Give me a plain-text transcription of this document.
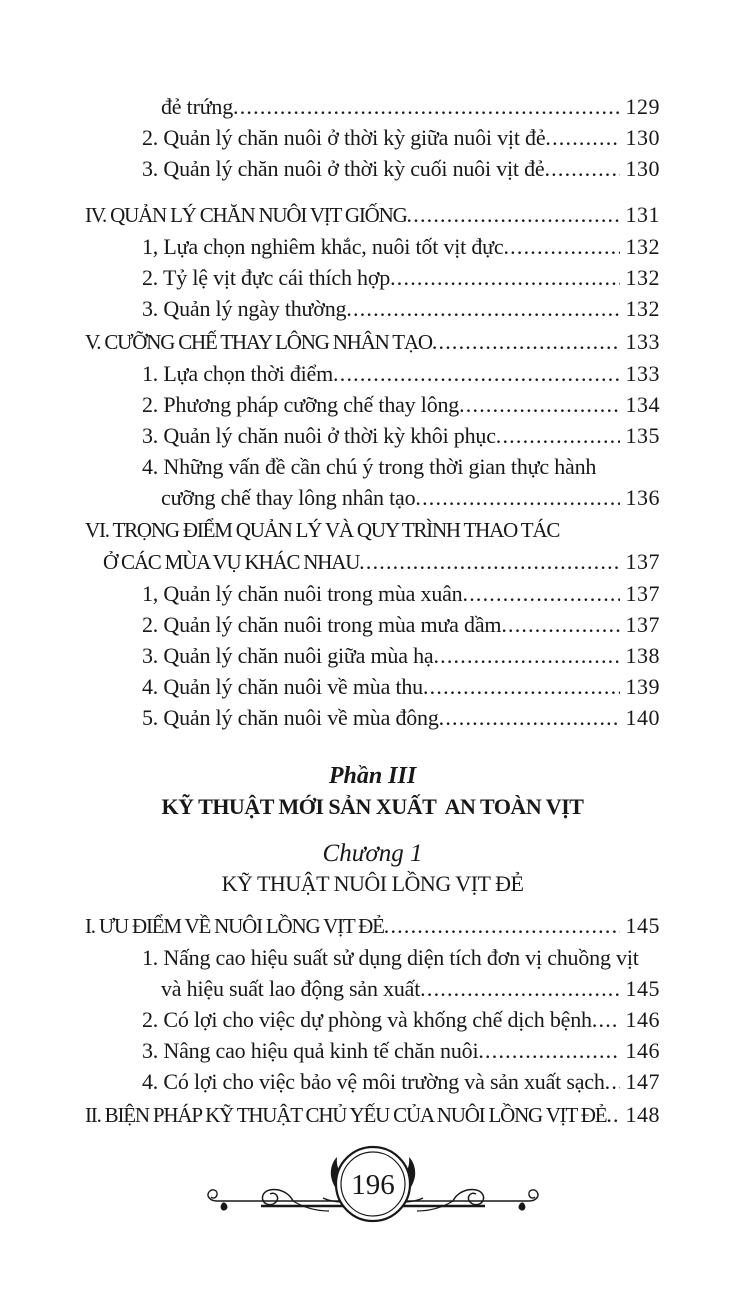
đẻ trứng .....	129
2. Quản lý chăn nuôi ở thời kỳ giữa nuôi vịt đẻ .....	130
3. Quản lý chăn nuôi ở thời kỳ cuối nuôi vịt đẻ .....	130
IV. QUẢN LÝ CHĂN NUÔI VỊT GIỐNG .....	131
1, Lựa chọn nghiêm khắc, nuôi tốt vịt đực .....	132
2. Tỷ lệ vịt đực cái thích hợp .....	132
3. Quản lý ngày thường .....	132
V. CƯỠNG CHẾ THAY LÔNG NHÂN TẠO .....	133
1. Lựa chọn thời điểm .....	133
2. Phương pháp cưỡng chế thay lông .....	134
3. Quản lý chăn nuôi ở thời kỳ khôi phục .....	135
4. Những vấn đề cần chú ý trong thời gian thực hành
cưỡng chế thay lông nhân tạo .....	136
VI. TRỌNG ĐIỂM QUẢN LÝ VÀ QUY TRÌNH THAO TÁC
Ở CÁC MÙA VỤ KHÁC NHAU .....	137
1, Quản lý chăn nuôi trong mùa xuân .....	137
2. Quản lý chăn nuôi trong mùa mưa dầm .....	137
3. Quản lý chăn nuôi giữa mùa hạ .....	138
4. Quản lý chăn nuôi về mùa thu .....	139
5. Quản lý chăn nuôi về mùa đông .....	140
Phần III
KỸ THUẬT MỚI SẢN XUẤT  AN TOÀN VỊT
Chương 1
KỸ THUẬT NUÔI LỒNG VỊT ĐẺ
I. ƯU ĐIỂM VỀ NUÔI LỒNG VỊT ĐẺ .....	145
1. Nấng cao hiệu suất sử dụng diện tích đơn vị chuồng vịt
và hiệu suất lao động sản xuất .....	145
2. Có lợi cho việc dự phòng và khống chế dịch bệnh ..... 146
3. Nâng cao hiệu quả kinh tế chăn nuôi .....	146
4. Có lợi cho việc bảo vệ môi trường và sản xuất sạch ..... 147
II. BIỆN PHÁP KỸ THUẬT CHỦ YẾU CỦA NUÔI LỒNG VỊT ĐẺ ..... 148
196
